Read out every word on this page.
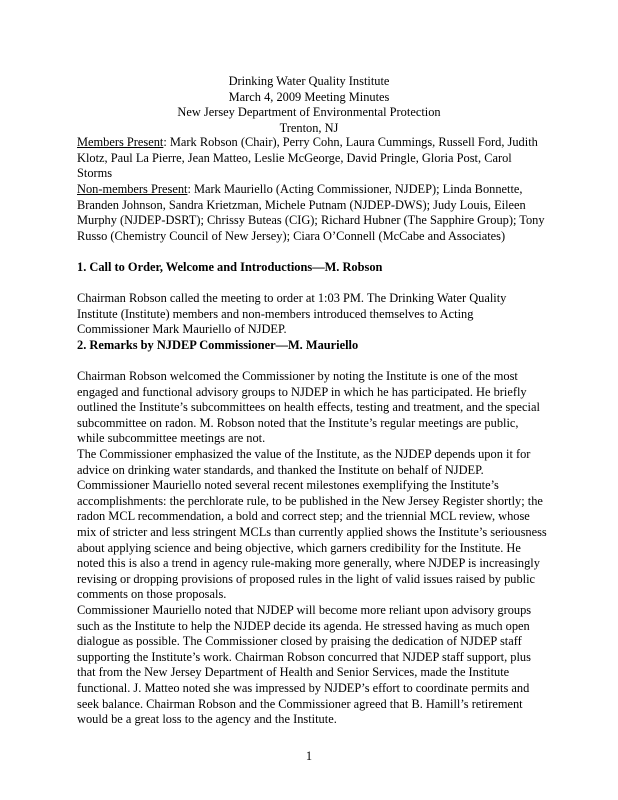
Drinking Water Quality Institute
March 4, 2009 Meeting Minutes
New Jersey Department of Environmental Protection
Trenton, NJ

Members Present: Mark Robson (Chair), Perry Cohn, Laura Cummings, Russell Ford, Judith Klotz, Paul La Pierre, Jean Matteo, Leslie McGeorge, David Pringle, Gloria Post, Carol Storms

Non-members Present: Mark Mauriello (Acting Commissioner, NJDEP); Linda Bonnette, Branden Johnson, Sandra Krietzman, Michele Putnam (NJDEP-DWS); Judy Louis, Eileen Murphy (NJDEP-DSRT); Chrissy Buteas (CIG); Richard Hubner (The Sapphire Group); Tony Russo (Chemistry Council of New Jersey); Ciara O’Connell (McCabe and Associates)

1. Call to Order, Welcome and Introductions—M. Robson

Chairman Robson called the meeting to order at 1:03 PM. The Drinking Water Quality Institute (Institute) members and non-members introduced themselves to Acting Commissioner Mark Mauriello of NJDEP.

2. Remarks by NJDEP Commissioner—M. Mauriello

Chairman Robson welcomed the Commissioner by noting the Institute is one of the most engaged and functional advisory groups to NJDEP in which he has participated. He briefly outlined the Institute’s subcommittees on health effects, testing and treatment, and the special subcommittee on radon. M. Robson noted that the Institute’s regular meetings are public, while subcommittee meetings are not.

The Commissioner emphasized the value of the Institute, as the NJDEP depends upon it for advice on drinking water standards, and thanked the Institute on behalf of NJDEP. Commissioner Mauriello noted several recent milestones exemplifying the Institute’s accomplishments: the perchlorate rule, to be published in the New Jersey Register shortly; the radon MCL recommendation, a bold and correct step; and the triennial MCL review, whose mix of stricter and less stringent MCLs than currently applied shows the Institute’s seriousness about applying science and being objective, which garners credibility for the Institute. He noted this is also a trend in agency rule-making more generally, where NJDEP is increasingly revising or dropping provisions of proposed rules in the light of valid issues raised by public comments on those proposals.

Commissioner Mauriello noted that NJDEP will become more reliant upon advisory groups such as the Institute to help the NJDEP decide its agenda. He stressed having as much open dialogue as possible. The Commissioner closed by praising the dedication of NJDEP staff supporting the Institute’s work. Chairman Robson concurred that NJDEP staff support, plus that from the New Jersey Department of Health and Senior Services, made the Institute functional. J. Matteo noted she was impressed by NJDEP’s effort to coordinate permits and seek balance. Chairman Robson and the Commissioner agreed that B. Hamill’s retirement would be a great loss to the agency and the Institute.

1
